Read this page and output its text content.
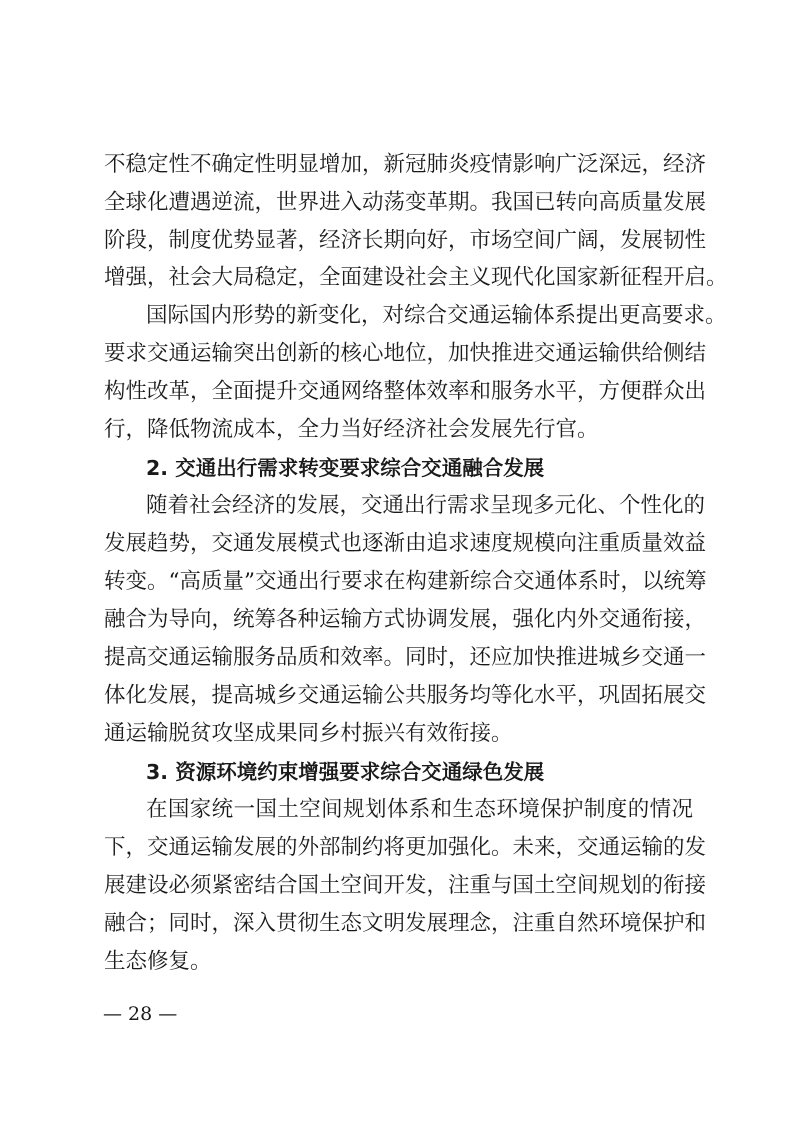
不稳定性不确定性明显增加，新冠肺炎疫情影响广泛深远，经济
全球化遭遇逆流，世界进入动荡变革期。我国已转向高质量发展
阶段，制度优势显著，经济长期向好，市场空间广阔，发展韧性
增强，社会大局稳定，全面建设社会主义现代化国家新征程开启。
国际国内形势的新变化，对综合交通运输体系提出更高要求。
要求交通运输突出创新的核心地位，加快推进交通运输供给侧结
构性改革，全面提升交通网络整体效率和服务水平，方便群众出
行，降低物流成本，全力当好经济社会发展先行官。
2. 交通出行需求转变要求综合交通融合发展
随着社会经济的发展，交通出行需求呈现多元化、个性化的
发展趋势，交通发展模式也逐渐由追求速度规模向注重质量效益
转变。“高质量”交通出行要求在构建新综合交通体系时，以统筹
融合为导向，统筹各种运输方式协调发展，强化内外交通衔接，
提高交通运输服务品质和效率。同时，还应加快推进城乡交通一
体化发展，提高城乡交通运输公共服务均等化水平，巩固拓展交
通运输脱贫攻坚成果同乡村振兴有效衔接。
3. 资源环境约束增强要求综合交通绿色发展
在国家统一国土空间规划体系和生态环境保护制度的情况
下，交通运输发展的外部制约将更加强化。未来，交通运输的发
展建设必须紧密结合国土空间开发，注重与国土空间规划的衔接
融合；同时，深入贯彻生态文明发展理念，注重自然环境保护和
生态修复。
— 28 —
